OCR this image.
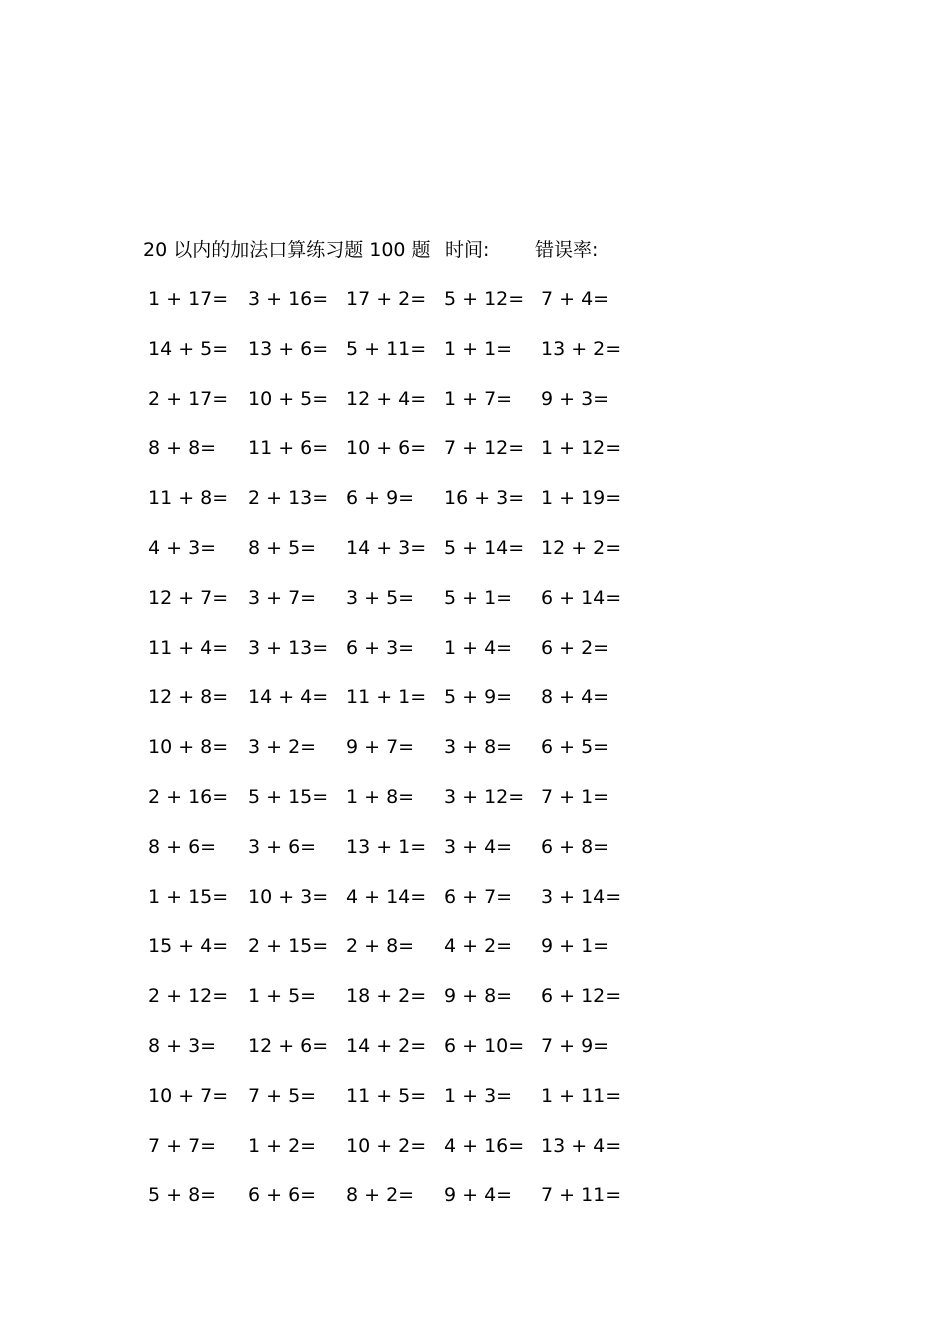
20 以内的加法口算练习题 100 题 时间: 错误率:
1 + 17=	3 + 16= 17 + 2= 5 + 12= 7 + 4=
14 + 5=	13 + 6= 5 + 11= 1 + 1=	13 + 2=
2 + 17=	10 + 5= 12 + 4= 1 + 7=	9 + 3=
8 + 8=	11 + 6= 10 + 6= 7 + 12= 1 + 12=
11 + 8=	2 + 13= 6 + 9=	16 + 3= 1 + 19=
4 + 3=	8 + 5=	14 + 3= 5 + 14= 12 + 2=
12 + 7=	3 + 7=	3 + 5=	5 + 1=	6 + 14=
11 + 4=	3 + 13= 6 + 3=	1 + 4=	6 + 2=
12 + 8=	14 + 4= 11 + 1= 5 + 9=	8 + 4=
10 + 8=	3 + 2=	9 + 7=	3 + 8=	6 + 5=
2 + 16=	5 + 15= 1 + 8=	3 + 12= 7 + 1=
8 + 6=	3 + 6=	13 + 1= 3 + 4=	6 + 8=
1 + 15=	10 + 3= 4 + 14= 6 + 7=	3 + 14=
15 + 4=	2 + 15= 2 + 8=	4 + 2=	9 + 1=
2 + 12=	1 + 5=	18 + 2= 9 + 8=	6 + 12=
8 + 3=	12 + 6= 14 + 2= 6 + 10= 7 + 9=
10 + 7=	7 + 5=	11 + 5= 1 + 3=	1 + 11=
7 + 7=	1 + 2=	10 + 2= 4 + 16= 13 + 4=
5 + 8=	6 + 6=	8 + 2=	9 + 4=	7 + 11=
